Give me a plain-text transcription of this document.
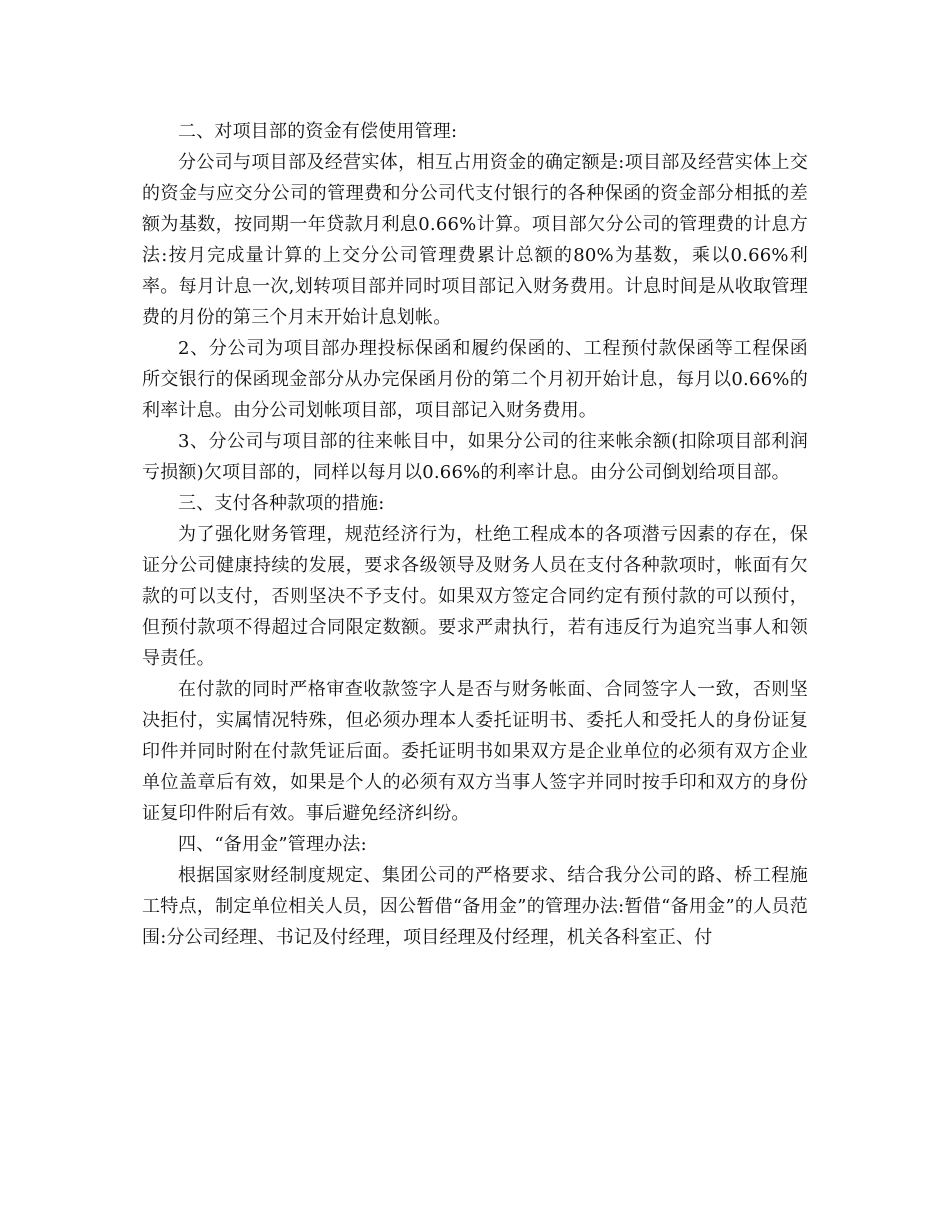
二、对项目部的资金有偿使用管理:

分公司与项目部及经营实体，相互占用资金的确定额是:项目部及经营实体上交的资金与应交分公司的管理费和分公司代支付银行的各种保函的资金部分相抵的差额为基数，按同期一年贷款月利息0.66%计算。项目部欠分公司的管理费的计息方法:按月完成量计算的上交分公司管理费累计总额的80%为基数，乘以0.66%利率。每月计息一次,划转项目部并同时项目部记入财务费用。计息时间是从收取管理费的月份的第三个月末开始计息划帐。

2、分公司为项目部办理投标保函和履约保函的、工程预付款保函等工程保函所交银行的保函现金部分从办完保函月份的第二个月初开始计息，每月以0.66%的利率计息。由分公司划帐项目部，项目部记入财务费用。

3、分公司与项目部的往来帐目中，如果分公司的往来帐余额(扣除项目部利润亏损额)欠项目部的，同样以每月以0.66%的利率计息。由分公司倒划给项目部。

三、支付各种款项的措施:

为了强化财务管理，规范经济行为，杜绝工程成本的各项潜亏因素的存在，保证分公司健康持续的发展，要求各级领导及财务人员在支付各种款项时，帐面有欠款的可以支付，否则坚决不予支付。如果双方签定合同约定有预付款的可以预付，但预付款项不得超过合同限定数额。要求严肃执行，若有违反行为追究当事人和领导责任。

在付款的同时严格审查收款签字人是否与财务帐面、合同签字人一致，否则坚决拒付，实属情况特殊，但必须办理本人委托证明书、委托人和受托人的身份证复印件并同时附在付款凭证后面。委托证明书如果双方是企业单位的必须有双方企业单位盖章后有效，如果是个人的必须有双方当事人签字并同时按手印和双方的身份证复印件附后有效。事后避免经济纠纷。

四、“备用金”管理办法:

根据国家财经制度规定、集团公司的严格要求、结合我分公司的路、桥工程施工特点，制定单位相关人员，因公暂借“备用金”的管理办法:暂借“备用金”的人员范围:分公司经理、书记及付经理，项目经理及付经理，机关各科室正、付
